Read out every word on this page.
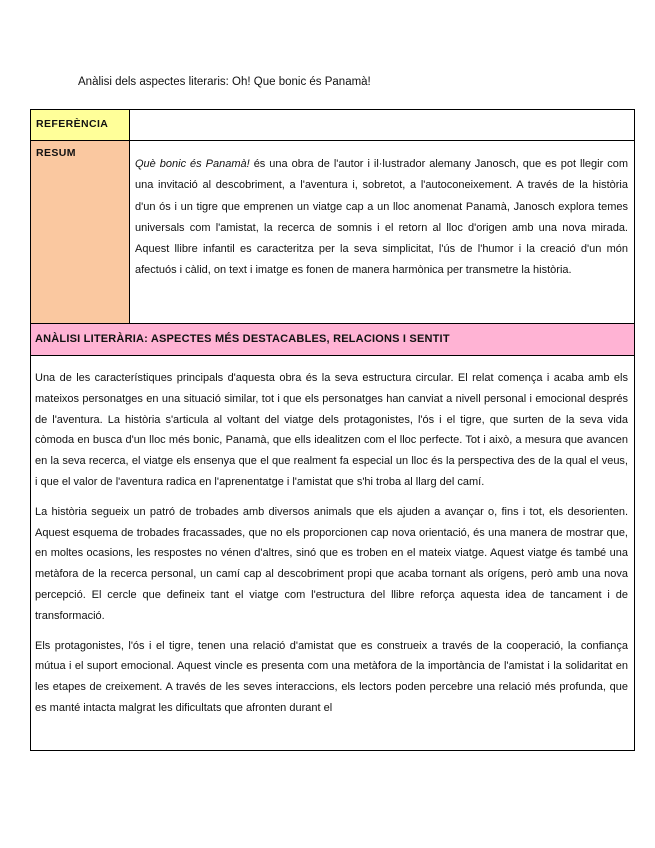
Anàlisi dels aspectes literaris: Oh! Que bonic és Panamà!
REFERÈNCIA
RESUM
Què bonic és Panamà! és una obra de l'autor i il·lustrador alemany Janosch, que es pot llegir com una invitació al descobriment, a l'aventura i, sobretot, a l'autoconeixement. A través de la història d'un ós i un tigre que emprenen un viatge cap a un lloc anomenat Panamà, Janosch explora temes universals com l'amistat, la recerca de somnis i el retorn al lloc d'origen amb una nova mirada. Aquest llibre infantil es caracteritza per la seva simplicitat, l'ús de l'humor i la creació d'un món afectuós i càlid, on text i imatge es fonen de manera harmònica per transmetre la història.
ANÀLISI LITERÀRIA: ASPECTES MÉS DESTACABLES, RELACIONS I SENTIT

Una de les característiques principals d'aquesta obra és la seva estructura circular. El relat comença i acaba amb els mateixos personatges en una situació similar, tot i que els personatges han canviat a nivell personal i emocional després de l'aventura. La història s'articula al voltant del viatge dels protagonistes, l'ós i el tigre, que surten de la seva vida còmoda en busca d'un lloc més bonic, Panamà, que ells idealitzen com el lloc perfecte. Tot i això, a mesura que avancen en la seva recerca, el viatge els ensenya que el que realment fa especial un lloc és la perspectiva des de la qual el veus, i que el valor de l'aventura radica en l'aprenentatge i l'amistat que s'hi troba al llarg del camí.

La història segueix un patró de trobades amb diversos animals que els ajuden a avançar o, fins i tot, els desorienten. Aquest esquema de trobades fracassades, que no els proporcionen cap nova orientació, és una manera de mostrar que, en moltes ocasions, les respostes no vénen d'altres, sinó que es troben en el mateix viatge. Aquest viatge és també una metàfora de la recerca personal, un camí cap al descobriment propi que acaba tornant als orígens, però amb una nova percepció. El cercle que defineix tant el viatge com l'estructura del llibre reforça aquesta idea de tancament i de transformació.

Els protagonistes, l'ós i el tigre, tenen una relació d'amistat que es construeix a través de la cooperació, la confiança mútua i el suport emocional. Aquest vincle es presenta com una metàfora de la importància de l'amistat i la solidaritat en les etapes de creixement. A través de les seves interaccions, els lectors poden percebre una relació més profunda, que es manté intacta malgrat les dificultats que afronten durant el
